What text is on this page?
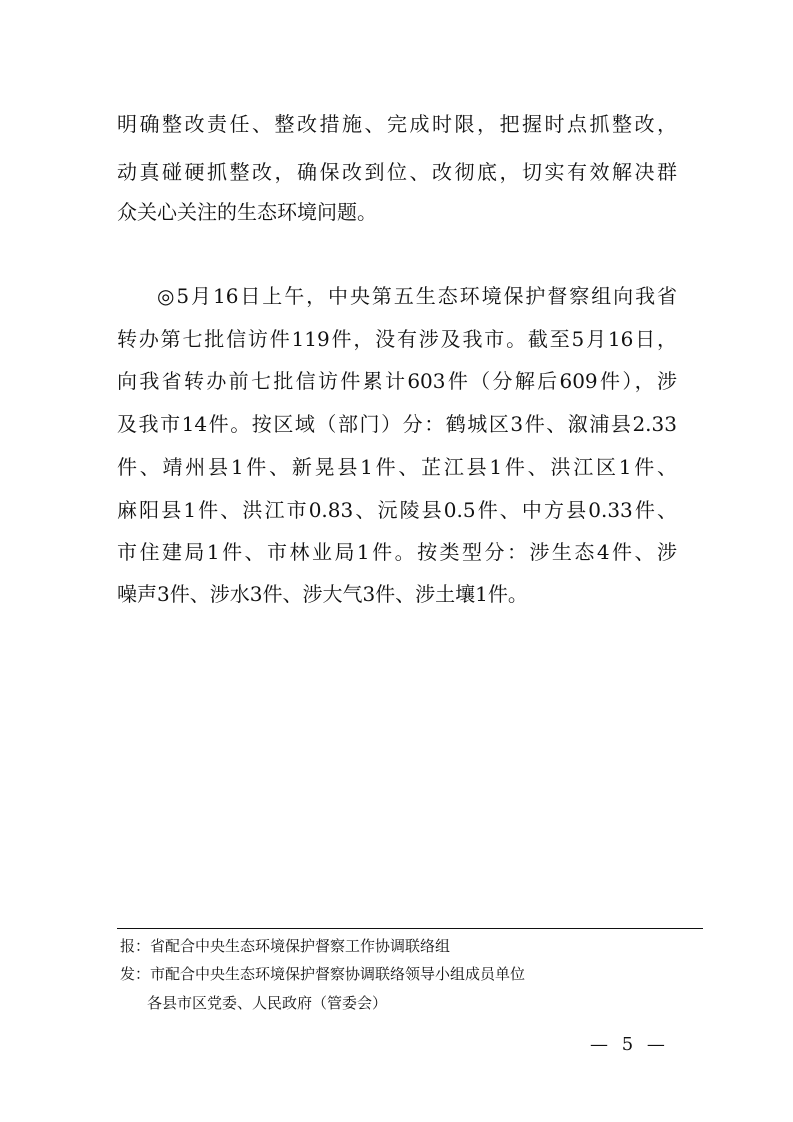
明确整改责任、整改措施、完成时限，把握时点抓整改，
动真碰硬抓整改，确保改到位、改彻底，切实有效解决群
众关心关注的生态环境问题。
◎5月16日上午，中央第五生态环境保护督察组向我省
转办第七批信访件119件，没有涉及我市。截至5月16日，
向我省转办前七批信访件累计603件（分解后609件），涉
及我市14件。按区域（部门）分：鹤城区3件、溆浦县2.33
件、靖州县1件、新晃县1件、芷江县1件、洪江区1件、
麻阳县1件、洪江市0.83、沅陵县0.5件、中方县0.33件、
市住建局1件、市林业局1件。按类型分：涉生态4件、涉
噪声3件、涉水3件、涉大气3件、涉土壤1件。
报：省配合中央生态环境保护督察工作协调联络组
发：市配合中央生态环境保护督察协调联络领导小组成员单位
各县市区党委、人民政府（管委会）
— 5 —
